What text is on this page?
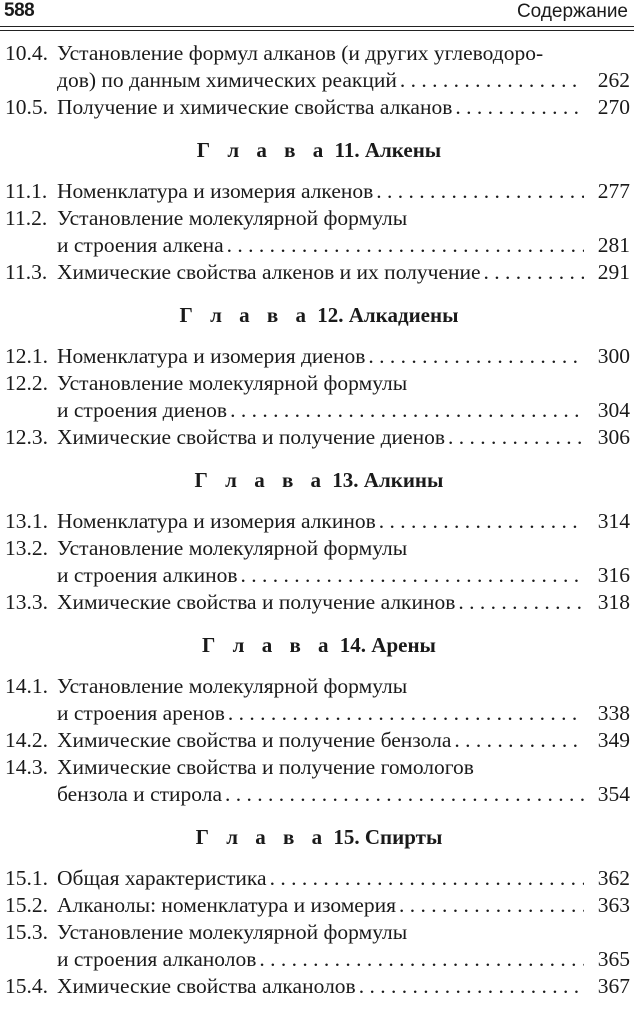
588	Содержание
10.4. Установление формул алканов (и других углеводоро-
дов) по данным химических реакций . . .	262
10.5. Получение и химические свойства алканов . . .	270
Г л а в а 11. Алкены
11.1. Номенклатура и изомерия алкенов . . .	277
11.2. Установление молекулярной формулы
и строения алкена . . .	281
11.3. Химические свойства алкенов и их получение . . .	291
Г л а в а 12. Алкадиены
12.1. Номенклатура и изомерия диенов . . .	300
12.2. Установление молекулярной формулы
и строения диенов . . .	304
12.3. Химические свойства и получение диенов . . .	306
Г л а в а 13. Алкины
13.1. Номенклатура и изомерия алкинов . . .	314
13.2. Установление молекулярной формулы
и строения алкинов . . .	316
13.3. Химические свойства и получение алкинов . . .	318
Г л а в а 14. Арены
14.1. Установление молекулярной формулы
и строения аренов . . .	338
14.2. Химические свойства и получение бензола . . .	349
14.3. Химические свойства и получение гомологов
бензола и стирола . . .	354
Г л а в а 15. Спирты
15.1. Общая характеристика . . .	362
15.2. Алканолы: номенклатура и изомерия . . .	363
15.3. Установление молекулярной формулы
и строения алканолов . . .	365
15.4. Химические свойства алканолов . . .	367
